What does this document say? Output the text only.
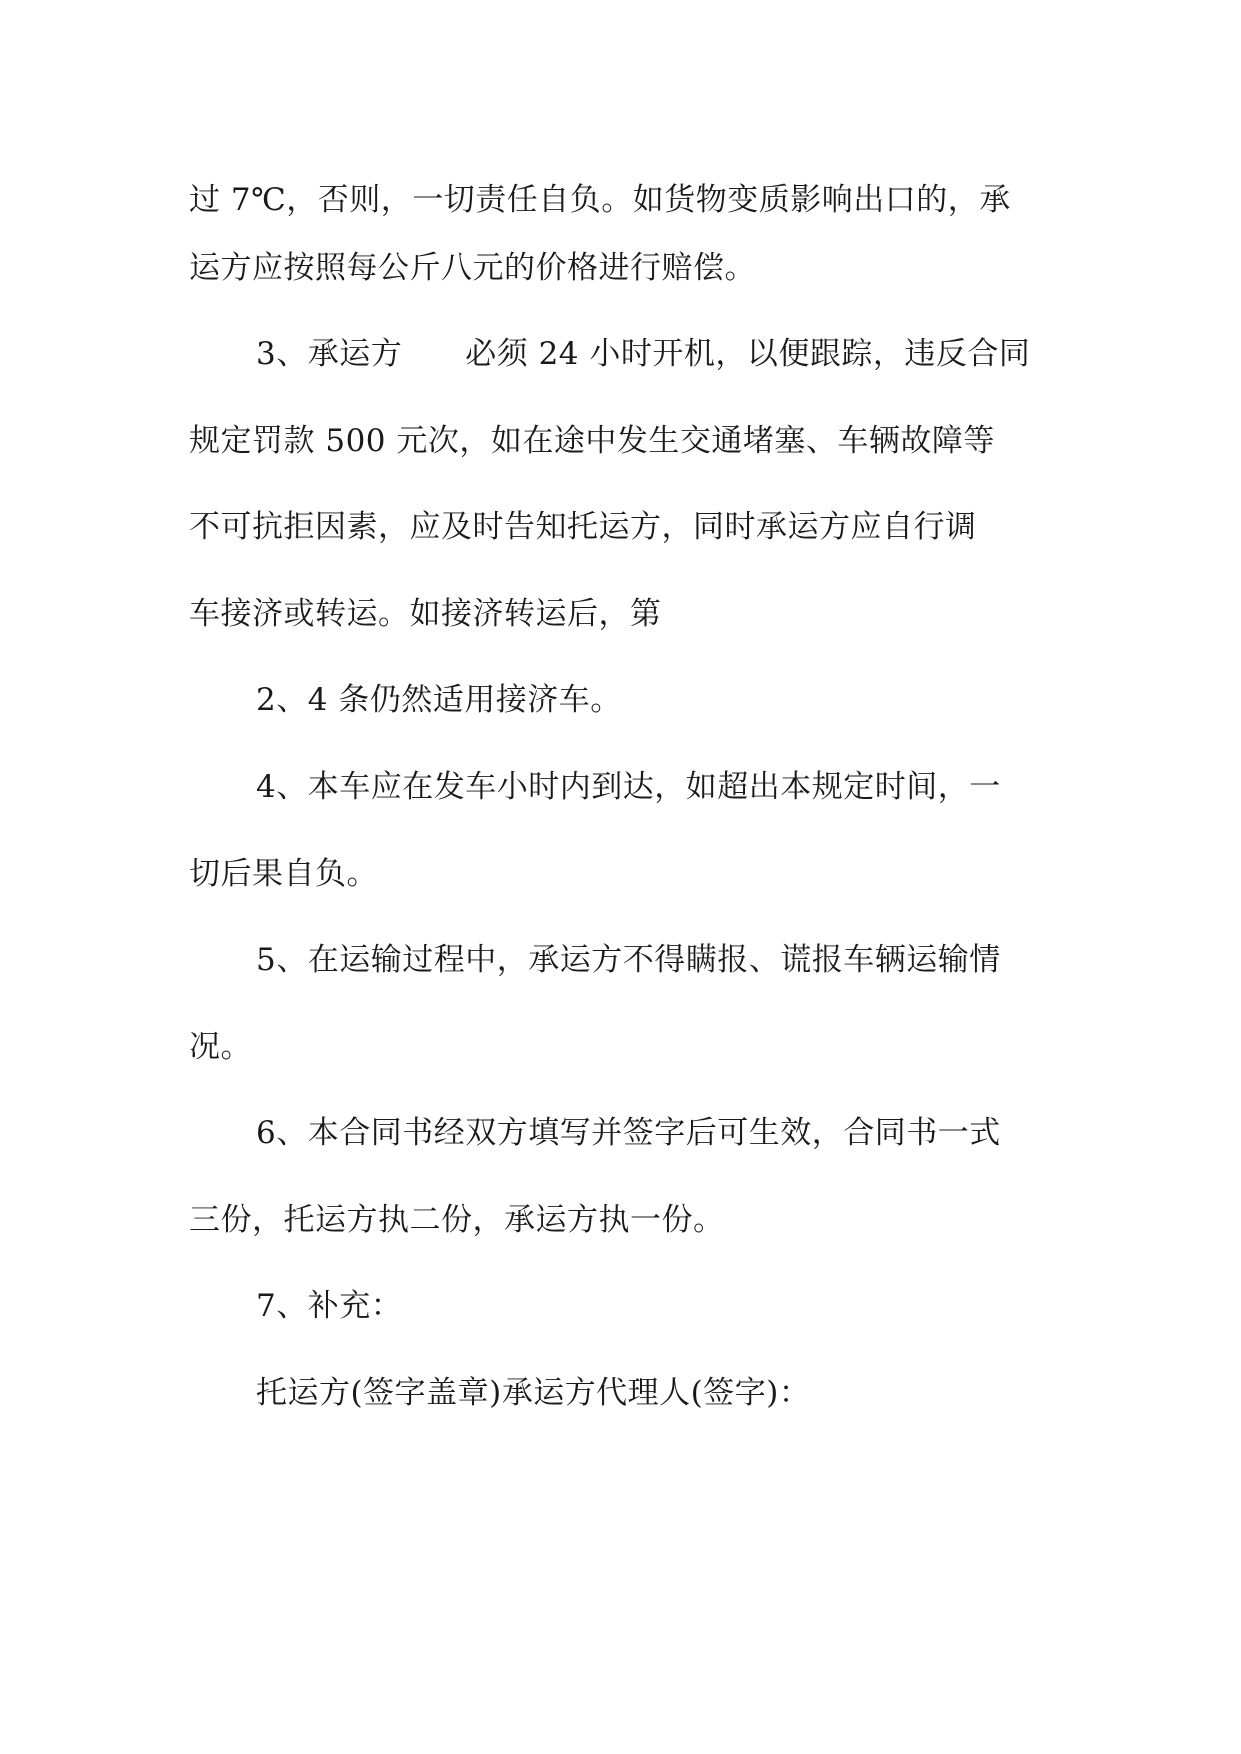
过 7℃，否则，一切责任自负。如货物变质影响出口的，承
运方应按照每公斤八元的价格进行赔偿。
3、承运方　　必须 24 小时开机，以便跟踪，违反合同
规定罚款 500 元次，如在途中发生交通堵塞、车辆故障等
不可抗拒因素，应及时告知托运方，同时承运方应自行调
车接济或转运。如接济转运后，第
2、4 条仍然适用接济车。
4、本车应在发车小时内到达，如超出本规定时间，一
切后果自负。
5、在运输过程中，承运方不得瞒报、谎报车辆运输情
况。
6、本合同书经双方填写并签字后可生效，合同书一式
三份，托运方执二份，承运方执一份。
7、补充：
托运方(签字盖章)承运方代理人(签字)：
